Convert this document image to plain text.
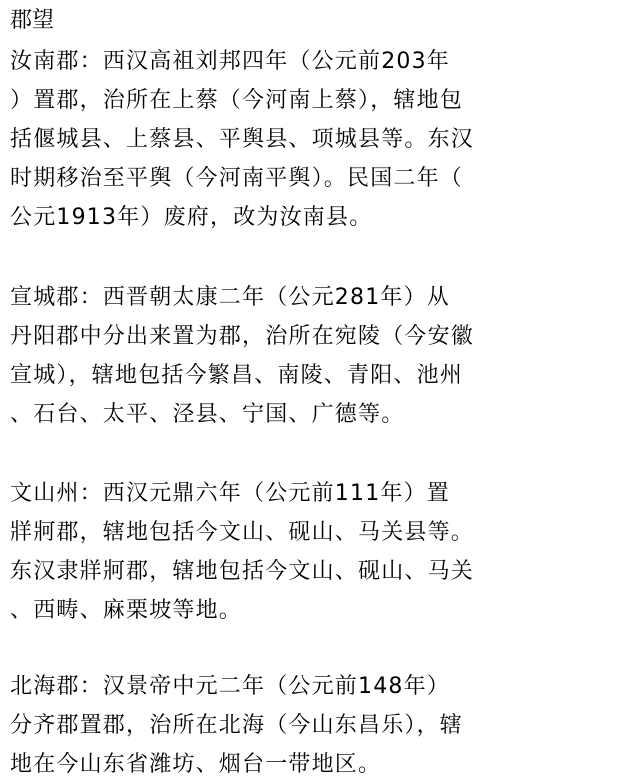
郡望
汝南郡：西汉高祖刘邦四年（公元前203年
）置郡，治所在上蔡（今河南上蔡），辖地包
括偃城县、上蔡县、平舆县、项城县等。东汉
时期移治至平舆（今河南平舆）。民国二年（
公元1913年）废府，改为汝南县。
宣城郡：西晋朝太康二年（公元281年）从
丹阳郡中分出来置为郡，治所在宛陵（今安徽
宣城），辖地包括今繁昌、南陵、青阳、池州
、石台、太平、泾县、宁国、广德等。
文山州：西汉元鼎六年（公元前111年）置
牂牁郡，辖地包括今文山、砚山、马关县等。
东汉隶牂牁郡，辖地包括今文山、砚山、马关
、西畴、麻栗坡等地。
北海郡：汉景帝中元二年（公元前148年）
分齐郡置郡，治所在北海（今山东昌乐），辖
地在今山东省潍坊、烟台一带地区。
